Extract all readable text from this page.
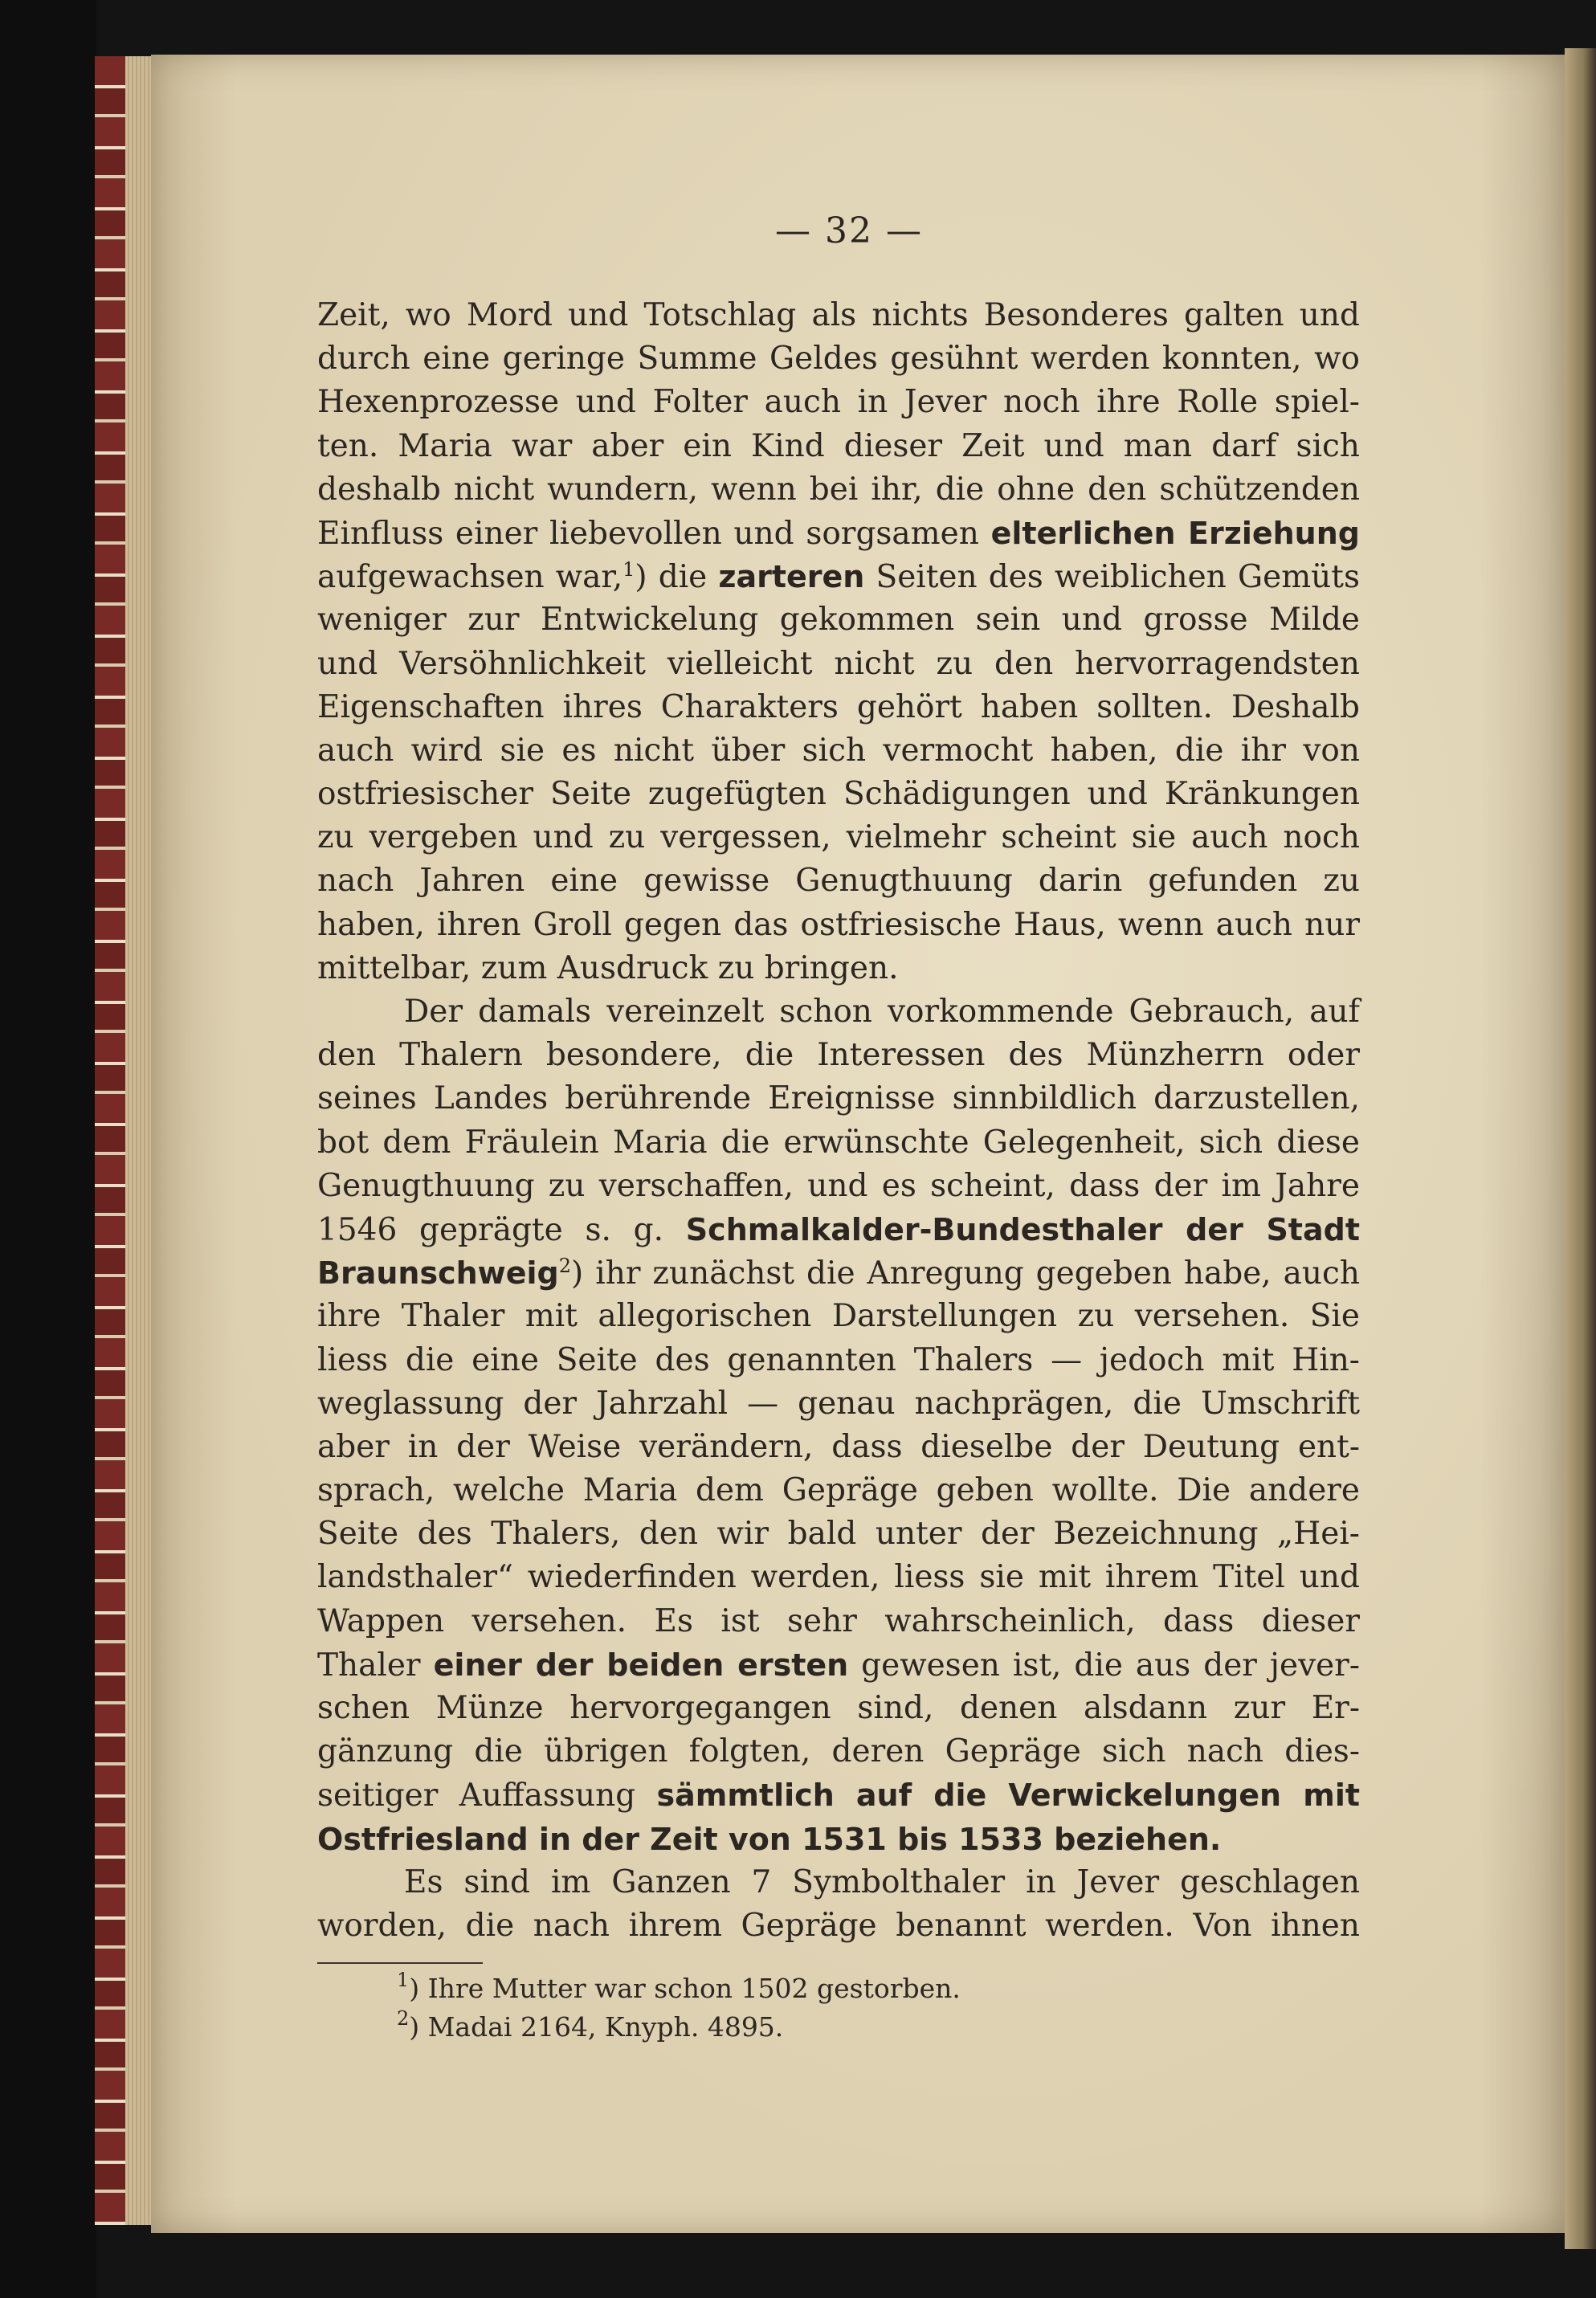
— 32 —
Zeit, wo Mord und Totschlag als nichts Besonderes galten und
durch eine geringe Summe Geldes gesühnt werden konnten, wo
Hexenprozesse und Folter auch in Jever noch ihre Rolle spiel-
ten. Maria war aber ein Kind dieser Zeit und man darf sich
deshalb nicht wundern, wenn bei ihr, die ohne den schützenden
Einfluss einer liebevollen und sorgsamen elterlichen Erziehung
aufgewachsen war,$^1$) die zarteren Seiten des weiblichen Gemüts
weniger zur Entwickelung gekommen sein und grosse Milde
und Versöhnlichkeit vielleicht nicht zu den hervorragendsten
Eigenschaften ihres Charakters gehört haben sollten. Deshalb
auch wird sie es nicht über sich vermocht haben, die ihr von
ostfriesischer Seite zugefügten Schädigungen und Kränkungen
zu vergeben und zu vergessen, vielmehr scheint sie auch noch
nach Jahren eine gewisse Genugthuung darin gefunden zu
haben, ihren Groll gegen das ostfriesische Haus, wenn auch nur
mittelbar, zum Ausdruck zu bringen.
Der damals vereinzelt schon vorkommende Gebrauch, auf
den Thalern besondere, die Interessen des Münzherrn oder
seines Landes berührende Ereignisse sinnbildlich darzustellen,
bot dem Fräulein Maria die erwünschte Gelegenheit, sich diese
Genugthuung zu verschaffen, und es scheint, dass der im Jahre
1546 geprägte s. g. Schmalkalder-Bundesthaler der Stadt
Braunschweig$^2$) ihr zunächst die Anregung gegeben habe, auch
ihre Thaler mit allegorischen Darstellungen zu versehen. Sie
liess die eine Seite des genannten Thalers — jedoch mit Hin-
weglassung der Jahrzahl — genau nachprägen, die Umschrift
aber in der Weise verändern, dass dieselbe der Deutung ent-
sprach, welche Maria dem Gepräge geben wollte. Die andere
Seite des Thalers, den wir bald unter der Bezeichnung „Hei-
landsthaler“ wiederfinden werden, liess sie mit ihrem Titel und
Wappen versehen. Es ist sehr wahrscheinlich, dass dieser
Thaler einer der beiden ersten gewesen ist, die aus der jever-
schen Münze hervorgegangen sind, denen alsdann zur Er-
gänzung die übrigen folgten, deren Gepräge sich nach dies-
seitiger Auffassung sämmtlich auf die Verwickelungen mit
Ostfriesland in der Zeit von 1531 bis 1533 beziehen.
Es sind im Ganzen 7 Symbolthaler in Jever geschlagen
worden, die nach ihrem Gepräge benannt werden. Von ihnen
$^1$) Ihre Mutter war schon 1502 gestorben.
$^2$) Madai 2164, Knyph. 4895.
